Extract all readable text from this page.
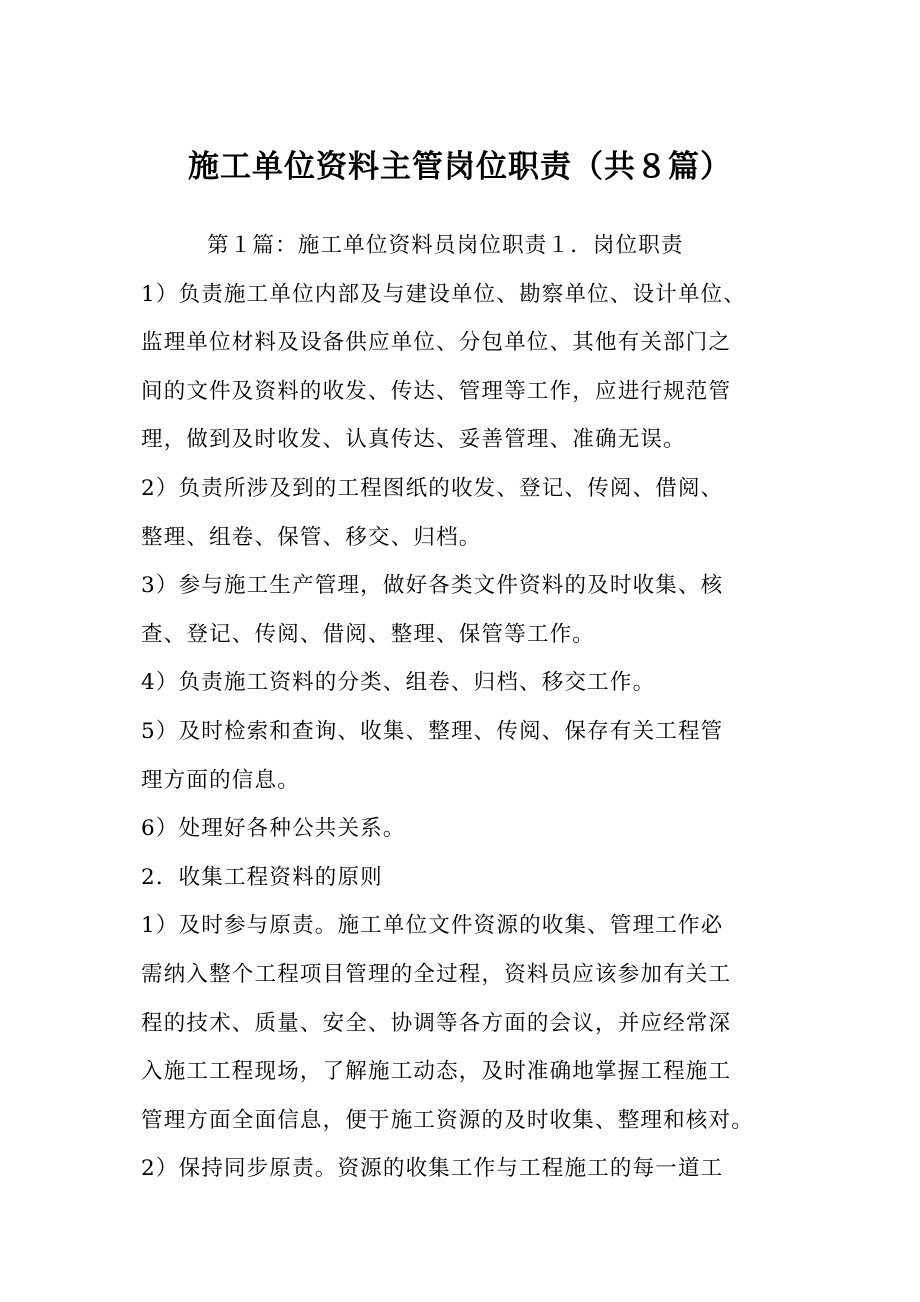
施工单位资料主管岗位职责（共８篇）
第１篇：施工单位资料员岗位职责１．岗位职责
1）负责施工单位内部及与建设单位、勘察单位、设计单位、
监理单位材料及设备供应单位、分包单位、其他有关部门之
间的文件及资料的收发、传达、管理等工作，应进行规范管
理，做到及时收发、认真传达、妥善管理、准确无误。
2）负责所涉及到的工程图纸的收发、登记、传阅、借阅、
整理、组卷、保管、移交、归档。
3）参与施工生产管理，做好各类文件资料的及时收集、核
查、登记、传阅、借阅、整理、保管等工作。
4）负责施工资料的分类、组卷、归档、移交工作。
5）及时检索和查询、收集、整理、传阅、保存有关工程管
理方面的信息。
6）处理好各种公共关系。
2．收集工程资料的原则
1）及时参与原责。施工单位文件资源的收集、管理工作必
需纳入整个工程项目管理的全过程，资料员应该参加有关工
程的技术、质量、安全、协调等各方面的会议，并应经常深
入施工工程现场，了解施工动态，及时准确地掌握工程施工
管理方面全面信息，便于施工资源的及时收集、整理和核对。
2）保持同步原责。资源的收集工作与工程施工的每一道工
